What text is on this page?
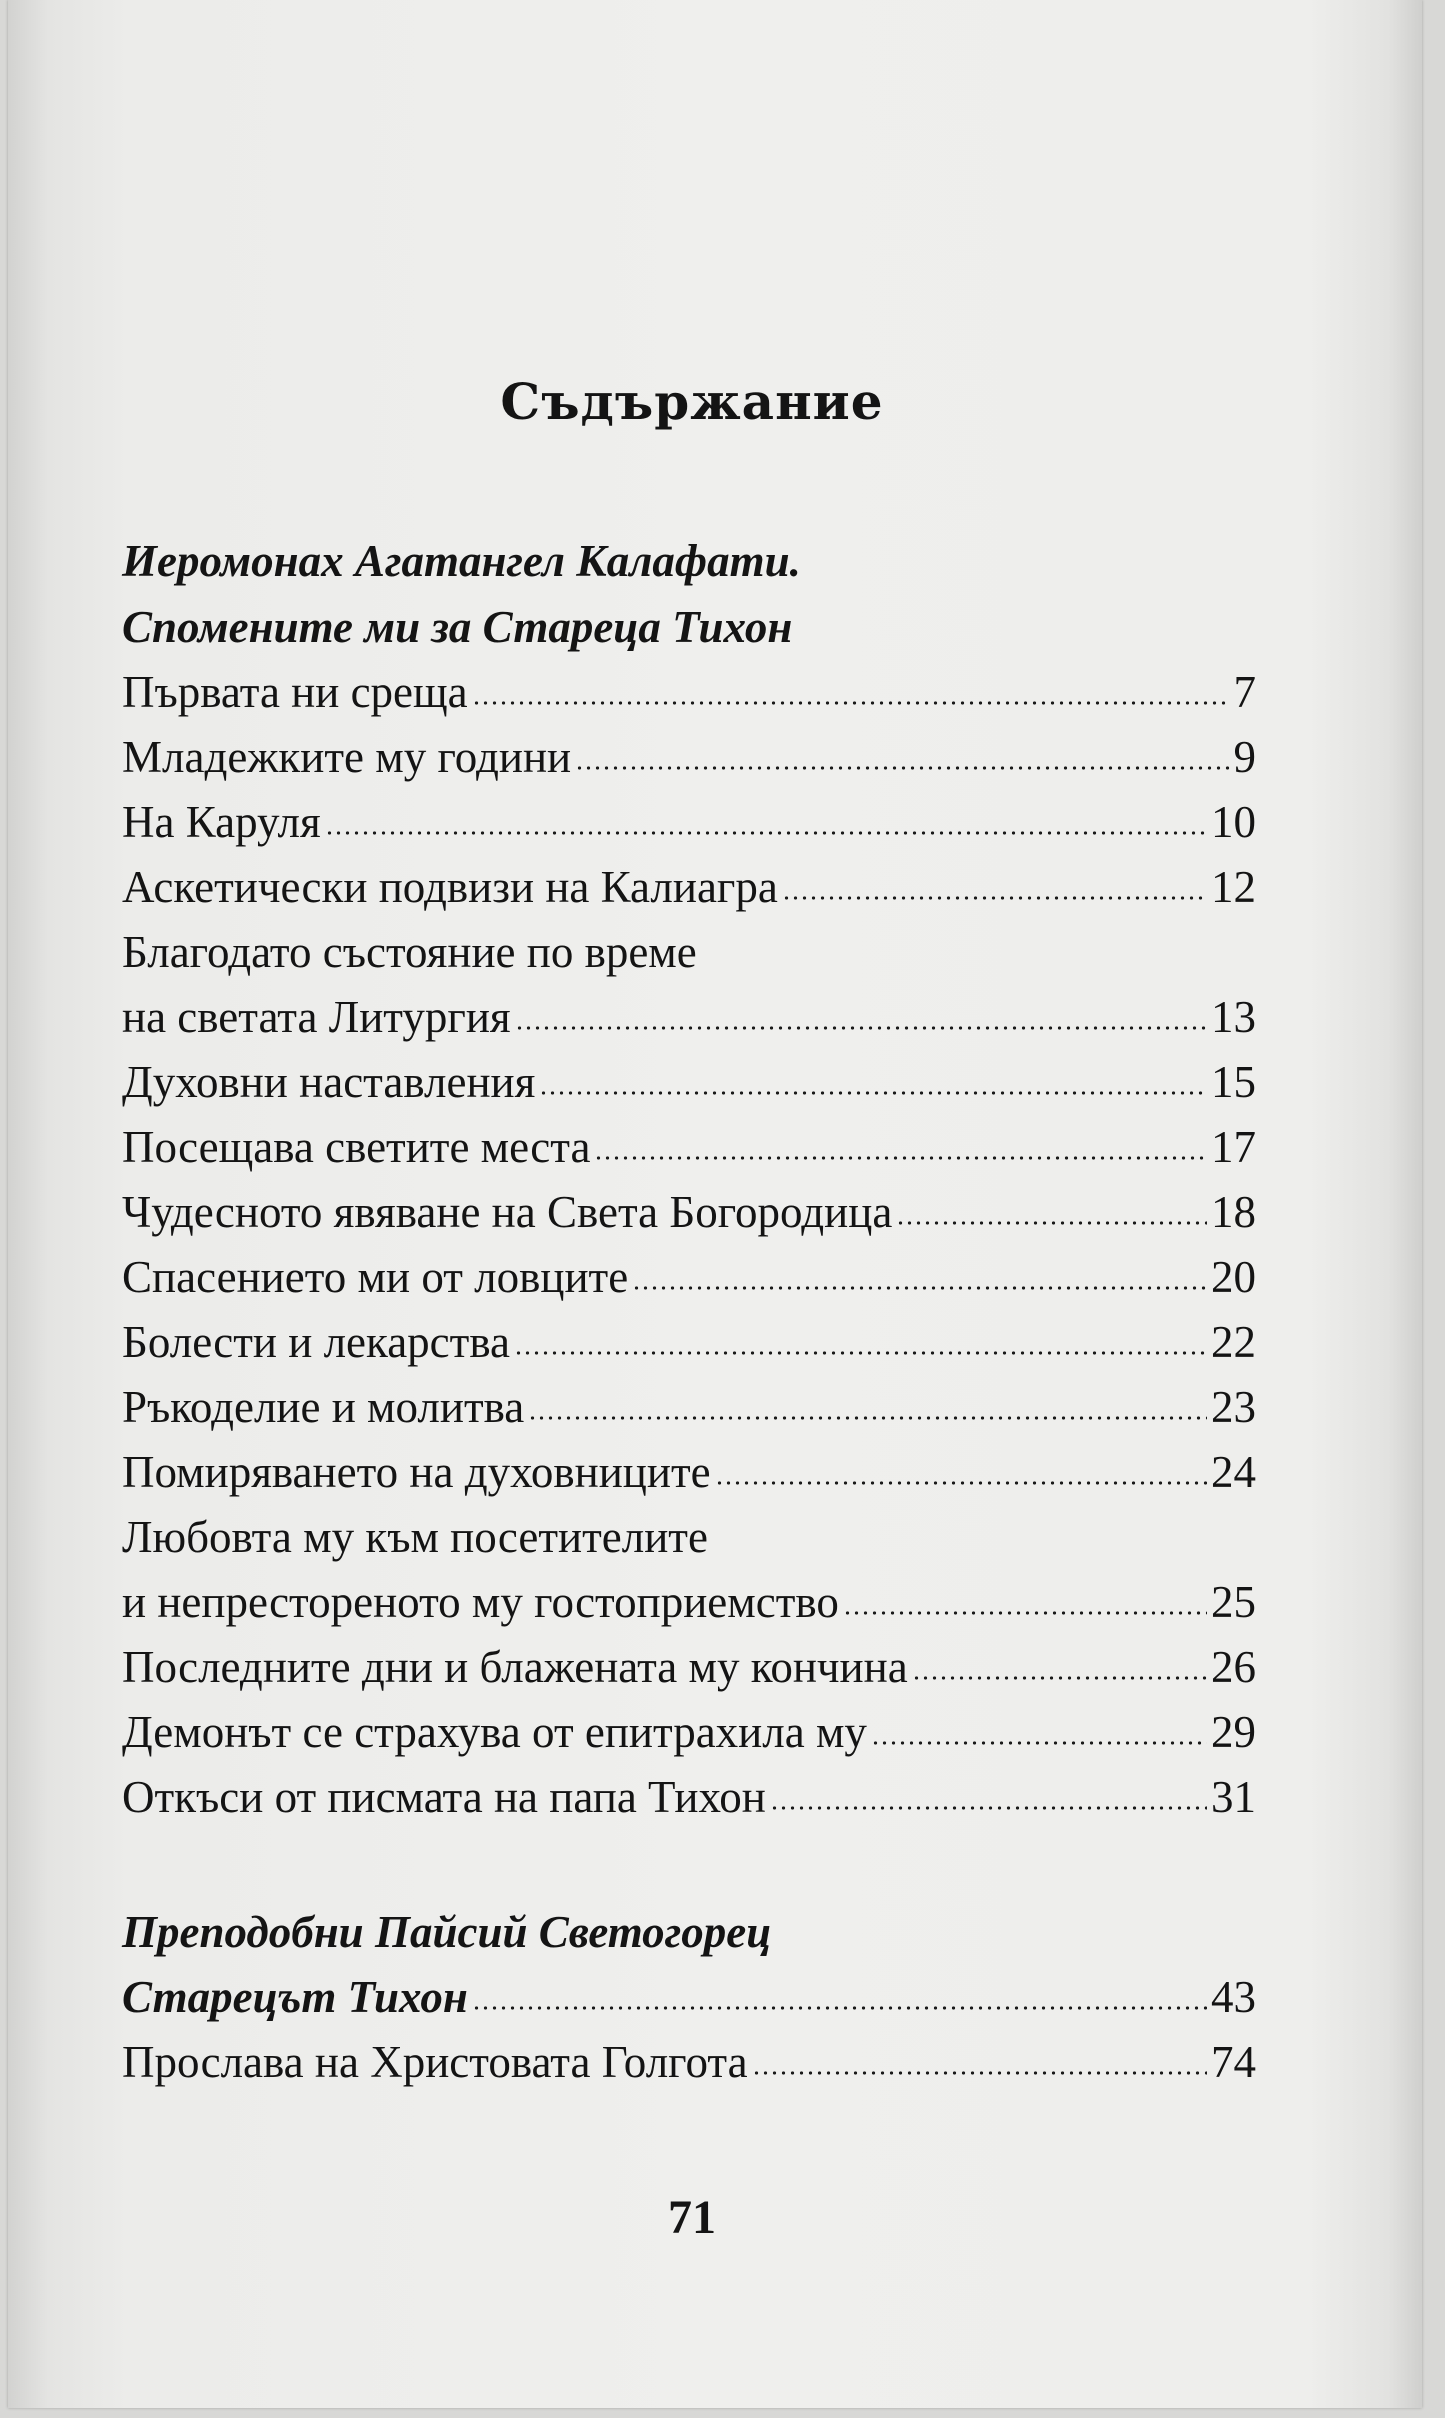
Съдържание
Иеромонах Агатангел Калафати.
Спомените ми за Стареца Тихон
Първата ни среща	7
Младежките му години	9
На Каруля	10
Аскетически подвизи на Калиагра	12
Благодато състояние по време
на светата Литургия	13
Духовни наставления	15
Посещава светите места	17
Чудесното явяване на Света Богородица	18
Спасението ми от ловците	20
Болести и лекарства	22
Ръкоделие и молитва	23
Помиряването на духовниците	24
Любовта му към посетителите
и непрестореното му гостоприемство	25
Последните дни и блажената му кончина	26
Демонът се страхува от епитрахила му	29
Откъси от писмата на папа Тихон	31
Преподобни Пайсий Светогорец
Старецът Тихон	43
Прослава на Христовата Голгота	74
71
